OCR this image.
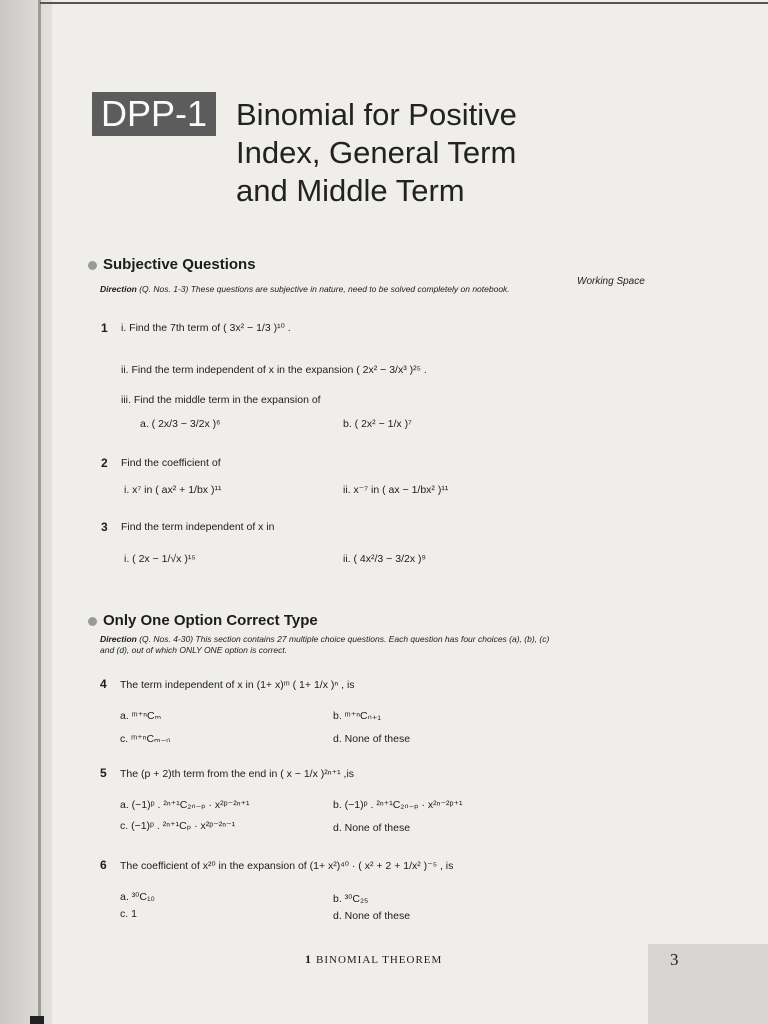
DPP-1 Binomial for Positive
Index, General Term
and Middle Term
Subjective Questions
Direction (Q. Nos. 1-3) These questions are subjective in nature, need to be solved completely on notebook.
Working Space
1 i. Find the 7th term of ( 3x² − 1/3 )¹⁰ .
ii. Find the term independent of x in the expansion ( 2x² − 3/x³ )²⁵ .
iii. Find the middle term in the expansion of
a. ( 2x/3 − 3/2x )⁶	b. ( 2x² − 1/x )⁷
2 Find the coefficient of
i. x⁷ in ( ax² + 1/bx )¹¹	ii. x⁻⁷ in ( ax − 1/bx² )¹¹
3 Find the term independent of x in
i. ( 2x − 1/√x )¹⁵	ii. ( 4x²/3 − 3/2x )⁹
Only One Option Correct Type
Direction (Q. Nos. 4-30) This section contains 27 multiple choice questions. Each question has four choices (a), (b), (c) and (d), out of which ONLY ONE option is correct.
4 The term independent of x in (1+ x)ᵐ ( 1+ 1/x )ⁿ , is
a. ᵐ⁺ⁿCₘ	b. ᵐ⁺ⁿCₙ₊₁
c. ᵐ⁺ⁿCₘ₋ₙ	d. None of these
5 The (p + 2)th term from the end in ( x − 1/x )²ⁿ⁺¹ ,is
a. (−1)ᵖ . ²ⁿ⁺¹C₂ₙ₋ₚ · x²ᵖ⁻²ⁿ⁺¹	b. (−1)ᵖ . ²ⁿ⁺¹C₂ₙ₋ₚ · x²ⁿ⁻²ᵖ⁺¹
c. (−1)ᵖ . ²ⁿ⁺¹Cₚ · x²ᵖ⁻²ⁿ⁻¹	d. None of these
6 The coefficient of x²⁰ in the expansion of (1+ x²)⁴⁰ · ( x² + 2 + 1/x² )⁻⁵ , is
a. ³⁰C₁₀	b. ³⁰C₂₅
c. 1	d. None of these
1 BINOMIAL THEOREM	3
